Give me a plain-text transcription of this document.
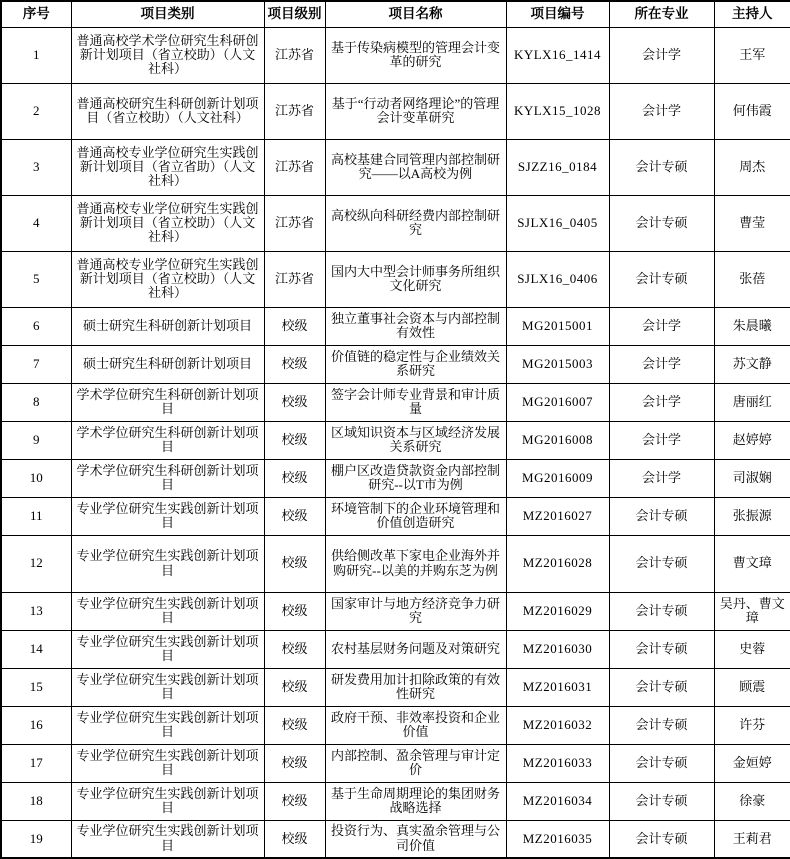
序号	项目类别	项目级别	项目名称	项目编号	所在专业	主持人
1	普通高校学术学位研究生科研创新计划项目（省立校助）（人文社科）	江苏省	基于传染病模型的管理会计变革的研究	KYLX16_1414	会计学	王军
2	普通高校研究生科研创新计划项目（省立校助）（人文社科）	江苏省	基于“行动者网络理论”的管理会计变革研究	KYLX15_1028	会计学	何伟霞
3	普通高校专业学位研究生实践创新计划项目（省立省助）（人文社科）	江苏省	高校基建合同管理内部控制研究——以A高校为例	SJZZ16_0184	会计专硕	周杰
4	普通高校专业学位研究生实践创新计划项目（省立校助）（人文社科）	江苏省	高校纵向科研经费内部控制研究	SJLX16_0405	会计专硕	曹莹
5	普通高校专业学位研究生实践创新计划项目（省立校助）（人文社科）	江苏省	国内大中型会计师事务所组织文化研究	SJLX16_0406	会计专硕	张蓓
6	硕士研究生科研创新计划项目	校级	独立董事社会资本与内部控制有效性	MG2015001	会计学	朱晨曦
7	硕士研究生科研创新计划项目	校级	价值链的稳定性与企业绩效关系研究	MG2015003	会计学	苏文静
8	学术学位研究生科研创新计划项目	校级	签字会计师专业背景和审计质量	MG2016007	会计学	唐丽红
9	学术学位研究生科研创新计划项目	校级	区域知识资本与区域经济发展关系研究	MG2016008	会计学	赵婷婷
10	学术学位研究生科研创新计划项目	校级	棚户区改造贷款资金内部控制研究--以T市为例	MG2016009	会计学	司淑娴
11	专业学位研究生实践创新计划项目	校级	环境管制下的企业环境管理和价值创造研究	MZ2016027	会计专硕	张振源
12	专业学位研究生实践创新计划项目	校级	供给侧改革下家电企业海外并购研究--以美的并购东芝为例	MZ2016028	会计专硕	曹文璋
13	专业学位研究生实践创新计划项目	校级	国家审计与地方经济竞争力研究	MZ2016029	会计专硕	吴丹、曹文璋
14	专业学位研究生实践创新计划项目	校级	农村基层财务问题及对策研究	MZ2016030	会计专硕	史蓉
15	专业学位研究生实践创新计划项目	校级	研发费用加计扣除政策的有效性研究	MZ2016031	会计专硕	顾震
16	专业学位研究生实践创新计划项目	校级	政府干预、非效率投资和企业价值	MZ2016032	会计专硕	许芬
17	专业学位研究生实践创新计划项目	校级	内部控制、盈余管理与审计定价	MZ2016033	会计专硕	金姮婷
18	专业学位研究生实践创新计划项目	校级	基于生命周期理论的集团财务战略选择	MZ2016034	会计专硕	徐豪
19	专业学位研究生实践创新计划项目	校级	投资行为、真实盈余管理与公司价值	MZ2016035	会计专硕	王莉君
